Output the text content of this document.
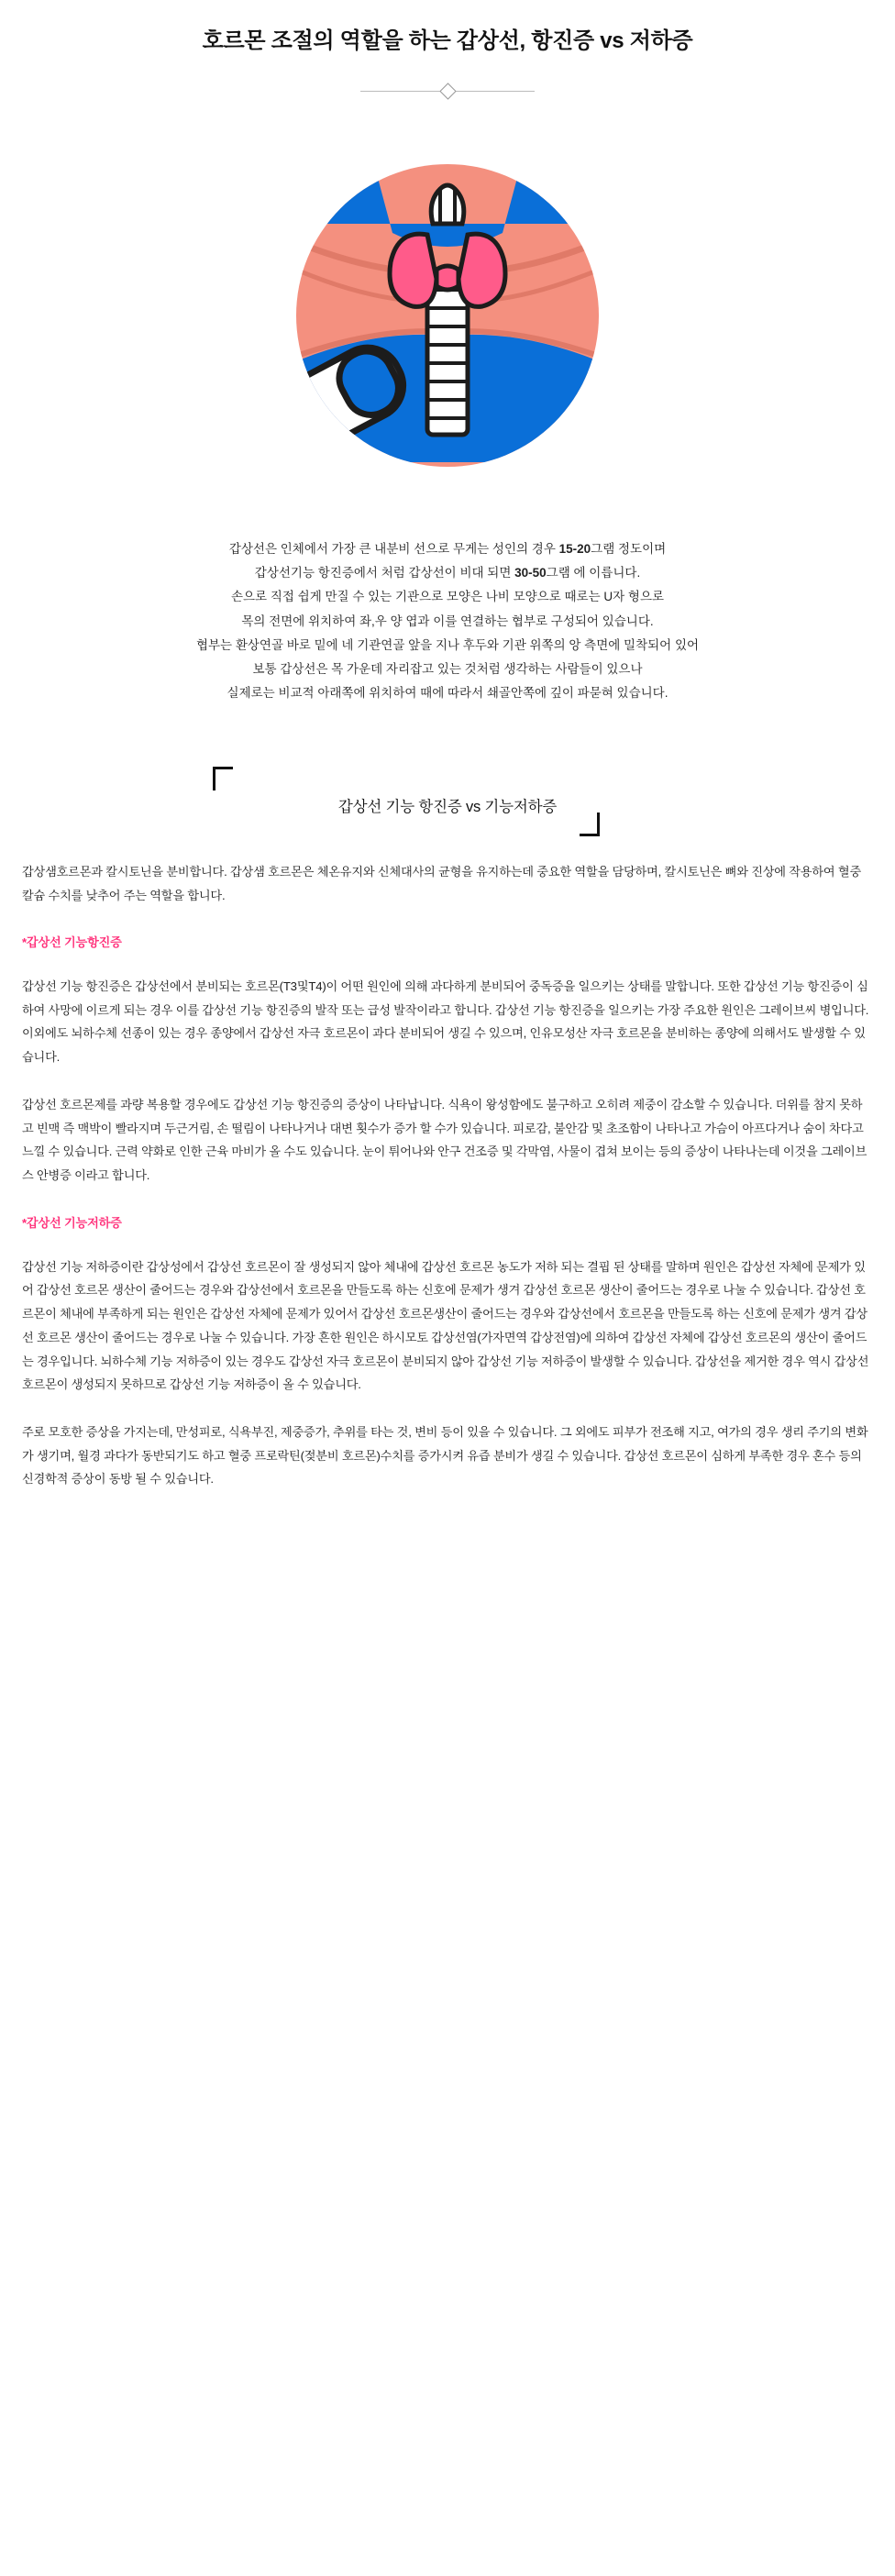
호르몬 조절의 역할을 하는 갑상선, 항진증 vs 저하증

갑상선은 인체에서 가장 큰 내분비 선으로 무게는 성인의 경우 15-20그램 정도이며

갑상선기능 항진증에서 처럼 갑상선이 비대 되면 30-50그램 에 이릅니다.

손으로 직접 쉽게 만질 수 있는 기관으로 모양은 나비 모양으로 때로는 U자 형으로

목의 전면에 위치하여 좌,우 양 엽과 이를 연결하는 협부로 구성되어 있습니다.

협부는 환상연골 바로 밑에 네 기관연골 앞을 지나 후두와 기관 위쪽의 앙 측면에 밀착되어 있어

보통 갑상선은 목 가운데 자리잡고 있는 것처럼 생각하는 사람들이 있으나

실제로는 비교적 아래쪽에 위치하여 때에 따라서 쇄골안쪽에 깊이 파묻혀 있습니다.

갑상선 기능 항진증 vs 기능저하증

갑상샘호르몬과 칼시토닌을 분비합니다. 갑상샘 호르몬은 체온유지와 신체대사의 균형을 유지하는데 중요한 역할을 담당하며, 칼시토닌은 뼈와 진상에 작용하여 혈중 칼슘 수치를 낮추어 주는 역할을 합니다.

*갑상선 기능항진증

갑상선 기능 항진증은 갑상선에서 분비되는 호르몬(T3및T4)이 어떤 원인에 의해 과다하게 분비되어 중독증을 일으키는 상태를 말합니다. 또한 갑상선 기능 항진증이 심하여 사망에 이르게 되는 경우 이를 갑상선 기능 항진증의 발작 또는 급성 발작이라고 합니다. 갑상선 기능 항진증을 일으키는 가장 주요한 원인은 그레이브씨 병입니다. 이외에도 뇌하수체 선종이 있는 경우 종양에서 갑상선 자극 호르몬이 과다 분비되어 생길 수 있으며, 인유모성산 자극 호르몬을 분비하는 종양에 의해서도 발생할 수 있습니다.

갑상선 호르몬제를 과량 복용할 경우에도 갑상선 기능 항진증의 증상이 나타납니다. 식욕이 왕성함에도 불구하고 오히려 제중이 감소할 수 있습니다. 더위를 참지 못하고 빈맥 즉 맥박이 빨라지며 두근거림, 손 떨림이 나타나거나 대변 횟수가 증가 할 수가 있습니다. 피로감, 불안감 및 초조함이 나타나고 가슴이 아프다거나 숨이 차다고 느낄 수 있습니다. 근력 약화로 인한 근육 마비가 올 수도 있습니다. 눈이 튀어나와 안구 건조증 및 각막염, 사물이 겹쳐 보이는 등의 증상이 나타나는데 이것을 그레이브스 안병증 이라고 합니다.

*갑상선 기능저하증

갑상선 기능 저하증이란 갑상성에서 갑상선 호르몬이 잘 생성되지 않아 체내에 갑상선 호르몬 농도가 저하 되는 결핍 된 상태를 말하며 원인은 갑상선 자체에 문제가 있어 갑상선 호르몬 생산이 줄어드는 경우와 갑상선에서 호르몬을 만들도록 하는 신호에 문제가 생겨 갑상선 호르몬 생산이 줄어드는 경우로 나눌 수 있습니다. 갑상선 호르몬이 체내에 부족하게 되는 원인은 갑상선 자체에 문제가 있어서 갑상선 호르몬생산이 줄어드는 경우와 갑상선에서 호르몬을 만들도록 하는 신호에 문제가 생겨 갑상선 호르몬 생산이 줄어드는 경우로 나눌 수 있습니다. 가장 흔한 원인은 하시모토 갑상선염(가자면역 갑상전염)에 의하여 갑상선 자체에 갑상선 호르몬의 생산이 줄어드는 경우입니다. 뇌하수체 기능 저하증이 있는 경우도 갑상선 자극 호르몬이 분비되지 않아 갑상선 기능 저하증이 발생할 수 있습니다. 갑상선을 제거한 경우 역시 갑상선호르몬이 생성되지 못하므로 갑상선 기능 저하증이 올 수 있습니다.

주로 모호한 증상을 가지는데, 만성피로, 식욕부진, 제중증가, 추위를 타는 것, 변비 등이 있을 수 있습니다. 그 외에도 피부가 전조해 지고, 여가의 경우 생리 주기의 변화가 생기며, 월경 과다가 동반되기도 하고 혈중 프로락틴(젖분비 호르몬)수치를 증가시켜 유즙 분비가 생길 수 있습니다. 갑상선 호르몬이 심하게 부족한 경우 혼수 등의 신경학적 증상이 동방 될 수 있습니다.
